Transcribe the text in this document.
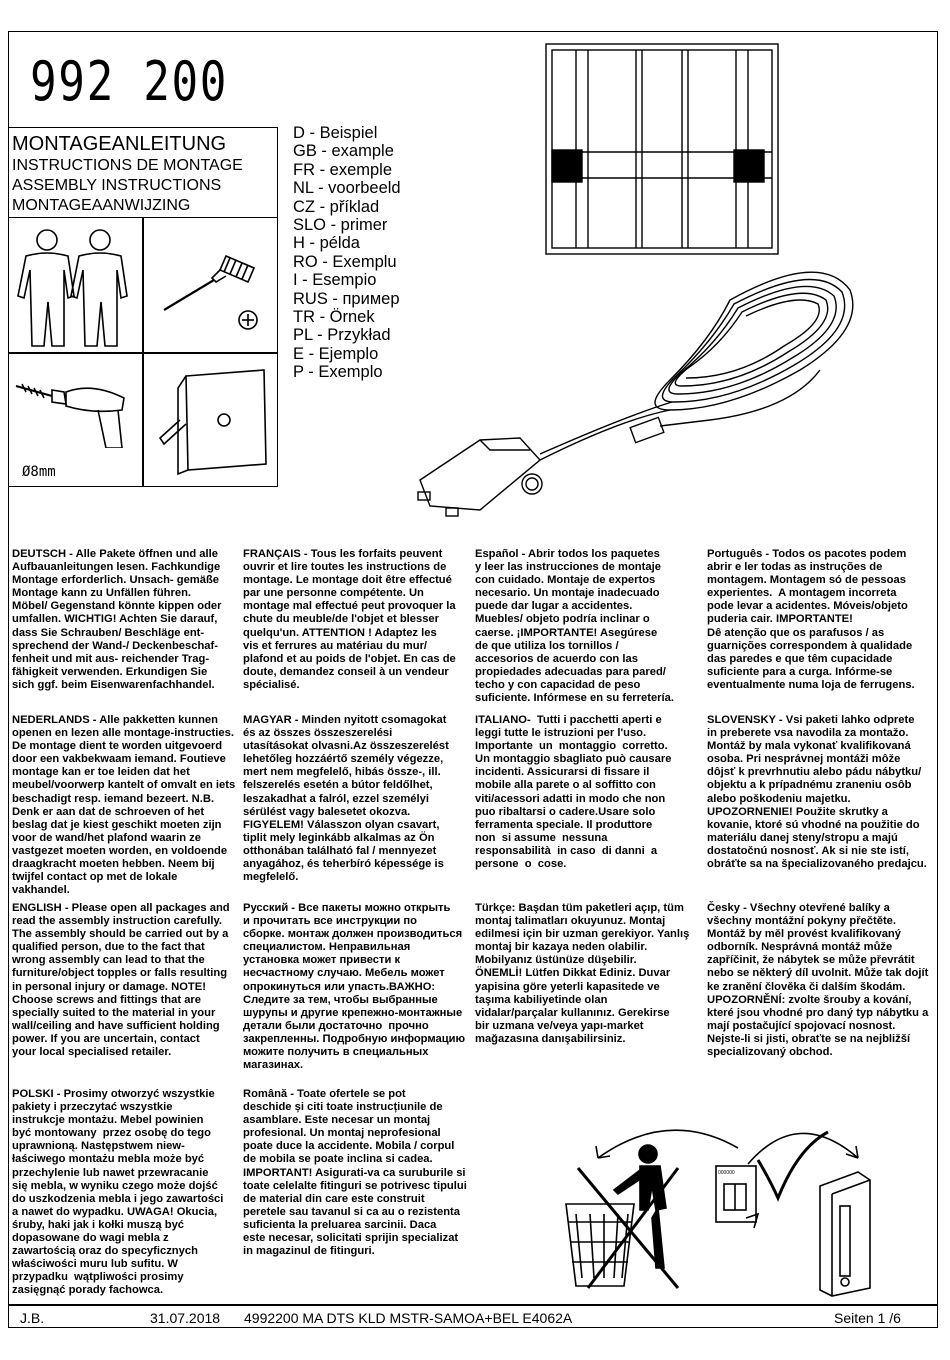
992 200
MONTAGEANLEITUNG
INSTRUCTIONS DE MONTAGE
ASSEMBLY INSTRUCTIONS
MONTAGEAANWIJZING
Ø8mm
D - Beispiel
GB - example
FR - exemple
NL - voorbeeld
CZ - příklad
SLO - primer
H - példa
RO - Exemplu
I - Esempio
RUS - пример
TR - Örnek
PL - Przykład
E - Ejemplo
P - Exemplo
DEUTSCH - Alle Pakete öffnen und alle
Aufbauanleitungen lesen. Fachkundige
Montage erforderlich. Unsach- gemäße
Montage kann zu Unfällen führen.
Möbel/ Gegenstand könnte kippen oder
umfallen. WICHTIG! Achten Sie darauf,
dass Sie Schrauben/ Beschläge ent-
sprechend der Wand-/ Deckenbeschaf-
fenheit und mit aus- reichender Trag-
fähigkeit verwenden. Erkundigen Sie
sich ggf. beim Eisenwarenfachhandel.
FRANÇAIS - Tous les forfaits peuvent
ouvrir et lire toutes les instructions de
montage. Le montage doit être effectué
par une personne compétente. Un
montage mal effectué peut provoquer la
chute du meuble/de l'objet et blesser
quelqu'un. ATTENTION ! Adaptez les
vis et ferrures au matériau du mur/
plafond et au poids de l'objet. En cas de
doute, demandez conseil à un vendeur
spécialisé.
Español - Abrir todos los paquetes
y leer las instrucciones de montaje
con cuidado. Montaje de expertos
necesario. Un montaje inadecuado
puede dar lugar a accidentes.
Muebles/ objeto podría inclinar o
caerse. ¡IMPORTANTE! Asegúrese
de que utiliza los tornillos /
accesorios de acuerdo con las
propiedades adecuadas para pared/
techo y con capacidad de peso
suficiente. Infórmese en su ferretería.
Português - Todos os pacotes podem
abrir e ler todas as instruções de
montagem. Montagem só de pessoas
experientes.  A montagem incorreta
pode levar a acidentes. Móveis/objeto
puderia cair. IMPORTANTE!
Dê atenção que os parafusos / as
guarnições correspondem à qualidade
das paredes e que têm cupacidade
suficiente para a curga. Infórme-se
eventualmente numa loja de ferrugens.
NEDERLANDS - Alle pakketten kunnen
openen en lezen alle montage-instructies.
De montage dient te worden uitgevoerd
door een vakbekwaam iemand. Foutieve
montage kan er toe leiden dat het
meubel/voorwerp kantelt of omvalt en iets
beschadigt resp. iemand bezeert. N.B.
Denk er aan dat de schroeven of het
beslag dat je kiest geschikt moeten zijn
voor de wand/het plafond waarin ze
vastgezet moeten worden, en voldoende
draagkracht moeten hebben. Neem bij
twijfel contact op met de lokale
vakhandel.
MAGYAR - Minden nyitott csomagokat
és az összes összeszerelési
utasításokat olvasni.Az összeszerelést
lehetőleg hozzáértő személy végezze,
mert nem megfelelő, hibás össze-, ill.
felszerelés esetén a bútor feldőlhet,
leszakadhat a falról, ezzel személyi
sérülést vagy balesetet okozva.
FIGYELEM! Válasszon olyan csavart,
tiplit mely leginkább alkalmas az Ön
otthonában található fal / mennyezet
anyagához, és teherbíró képessége is
megfelelő.
ITALIANO-  Tutti i pacchetti aperti e
leggi tutte le istruzioni per l'uso.
Importante  un  montaggio  corretto.
Un montaggio sbagliato può causare
incidenti. Assicurarsi di fissare il
mobile alla parete o al soffitto con
viti/acessori adatti in modo che non
puo ribaltarsi o cadere.Usare solo
ferramenta speciale. Il produttore
non  si assume  nessuna
responsabilità  in caso  di danni  a
persone  o  cose.
SLOVENSKY - Vsi paketi lahko odprete
in preberete vsa navodila za montažo.
Montáž by mala vykonať kvalifikovaná
osoba. Pri nesprávnej montáži môže
dôjsť k prevrhnutiu alebo pádu nábytku/
objektu a k prípadnému zraneniu osôb
alebo poškodeniu majetku.
UPOZORNENIE! Použite skrutky a
kovanie, ktoré sú vhodné na použitie do
materiálu danej steny/stropu a majú
dostatočnú nosnosť. Ak si nie ste istí,
obráťte sa na špecializovaného predajcu.
ENGLISH - Please open all packages and
read the assembly instruction carefully.
The assembly should be carried out by a
qualified person, due to the fact that
wrong assembly can lead to that the
furniture/object topples or falls resulting
in personal injury or damage. NOTE!
Choose screws and fittings that are
specially suited to the material in your
wall/ceiling and have sufficient holding
power. If you are uncertain, contact
your local specialised retailer.
Русский - Все пакеты можно открыть
и прочитать все инструкции по
сборке. монтаж должен производиться
специалистом. Неправильная
установка может привести к
несчастному случаю. Мебель может
опрокинуться или упасть.ВАЖНО:
Следите за тем, чтобы выбранные
шурупы и другие крепежно-монтажные
детали были достаточно  прочно
закрепленны. Подробную информацию
можите получить в специальных
магазинах.
Türkçe: Başdan tüm paketleri açıp, tüm
montaj talimatları okuyunuz. Montaj
edilmesi için bir uzman gerekiyor. Yanlış
montaj bir kazaya neden olabilir.
Mobilyanız üstünüze düşebilir.
ÖNEMLİ! Lütfen Dikkat Ediniz. Duvar
yapisina göre yeterli kapasitede ve
taşıma kabiliyetinde olan
vidalar/parçalar kullanınız. Gerekirse
bir uzmana ve/veya yapı-market
mağazasına danışabilirsiniz.
Česky - Všechny otevřené balíky a
všechny montážní pokyny přečtěte.
Montáž by měl provést kvalifikovaný
odborník. Nesprávná montáž může
zapříčinit, že nábytek se může převrátit
nebo se některý díl uvolnit. Může tak dojít
ke zranění člověka či dalším škodám.
UPOZORNĚNÍ: zvolte šrouby a kování,
které jsou vhodné pro daný typ nábytku a
mají postačující spojovací nosnost.
Nejste-li si jisti, obraťte se na nejbližší
specializovaný obchod.
POLSKI - Prosimy otworzyć wszystkie
pakiety i przeczytać wszystkie
instrukcje montażu. Mebel powinien
być montowany  przez osobę do tego
uprawnioną. Następstwem niew-
łaściwego montażu mebla może być
przechylenie lub nawet przewracanie
się mebla, w wyniku czego może dojść
do uszkodzenia mebla i jego zawartości
a nawet do wypadku. UWAGA! Okucia,
śruby, haki jak i kołki muszą być
dopasowane do wagi mebla z
zawartością oraz do specyficznych
właściwości muru lub sufitu. W
przypadku  wątpliwości prosimy
zasięgnąć porady fachowca.
Română - Toate ofertele se pot
deschide și citi toate instrucțiunile de
asamblare. Este necesar un montaj
profesional. Un montaj neprofesional
poate duce la accidente. Mobila / corpul
de mobila se poate inclina si cadea.
IMPORTANT! Asigurati-va ca suruburile si
toate celelalte fitinguri se potrivesc tipului
de material din care este construit
peretele sau tavanul si ca au o rezistenta
suficienta la preluarea sarcinii. Daca
este necesar, solicitati sprijin specializat
in magazinul de fitinguri.
000000
J.B.	31.07.2018 4992200 MA DTS KLD MSTR-SAMOA+BEL E4062A	Seiten 1 /6
